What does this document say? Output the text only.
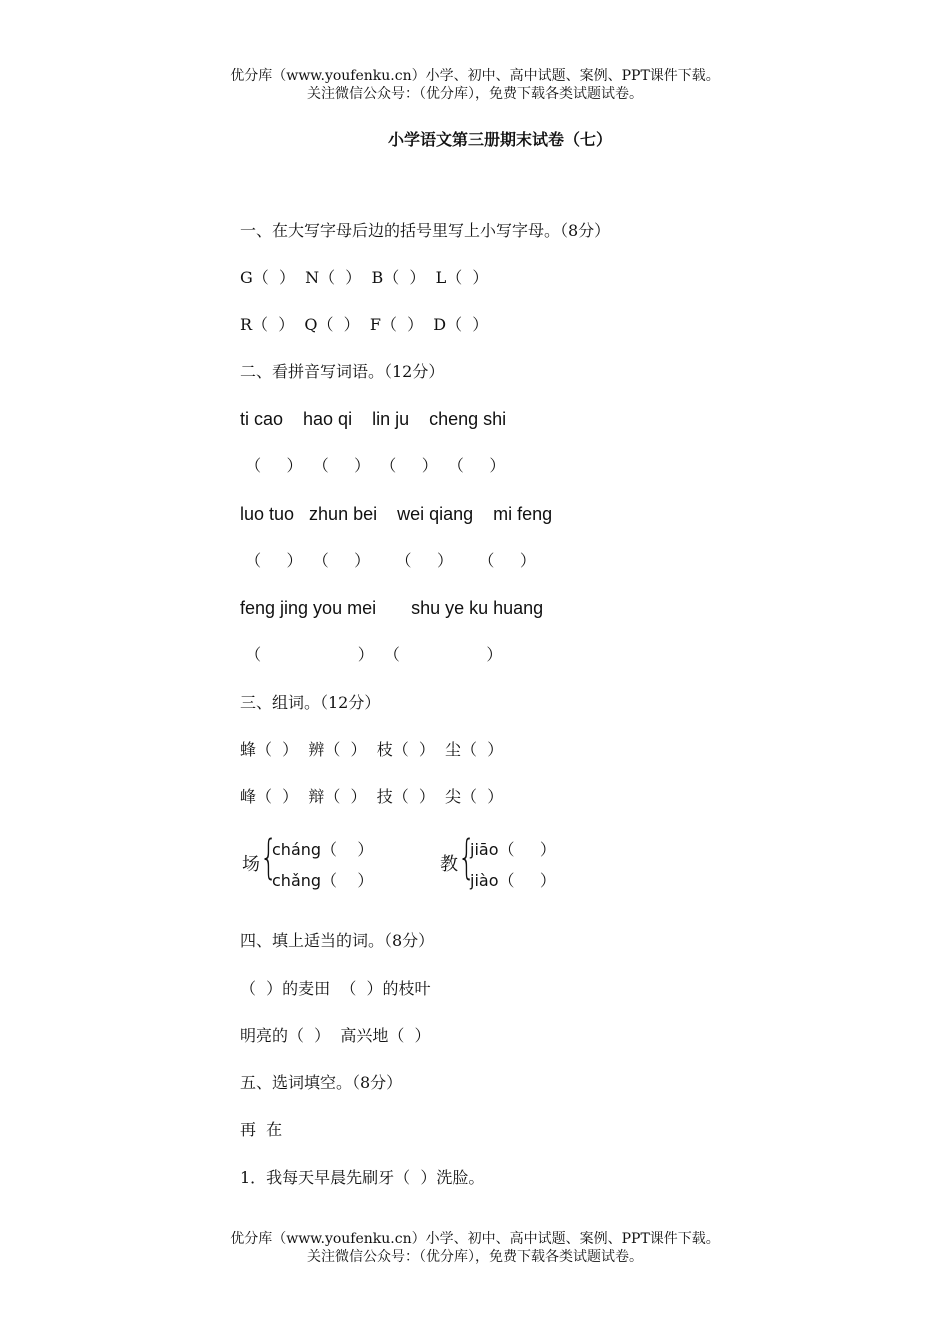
优分库（www.youfenku.cn）小学、初中、高中试题、案例、PPT课件下载。
关注微信公众号：（优分库），免费下载各类试题试卷。
小学语文第三册期末试卷（七）
一、在大写字母后边的括号里写上小写字母。（8分）
G（  ）  N（  ）  B（  ）  L（  ）
R（  ）  Q（  ）  F（  ）  D（  ）
二、看拼音写词语。（12分）
ti cao    hao qi    lin ju    cheng shi
（     ）  （     ）  （     ）  （     ）
luo tuo   zhun bei    wei qiang    mi feng
（     ）  （     ）     （     ）     （     ）
feng jing you mei       shu ye ku huang
（                   ）  （                 ）
三、组词。（12分）
蜂（  ）  辨（  ）  枝（  ）  尘（  ）
峰（  ）  辩（  ）  技（  ）  尖（  ）
场 {
cháng（    ）
chǎng（    ）
教 {
jiāo（     ）
jiào（     ）
四、填上适当的词。（8分）
（  ）的麦田  （  ）的枝叶
明亮的（  ）  高兴地（  ）
五、选词填空。（8分）
再  在
1．我每天早晨先刷牙（  ）洗脸。
优分库（www.youfenku.cn）小学、初中、高中试题、案例、PPT课件下载。
关注微信公众号：（优分库），免费下载各类试题试卷。
